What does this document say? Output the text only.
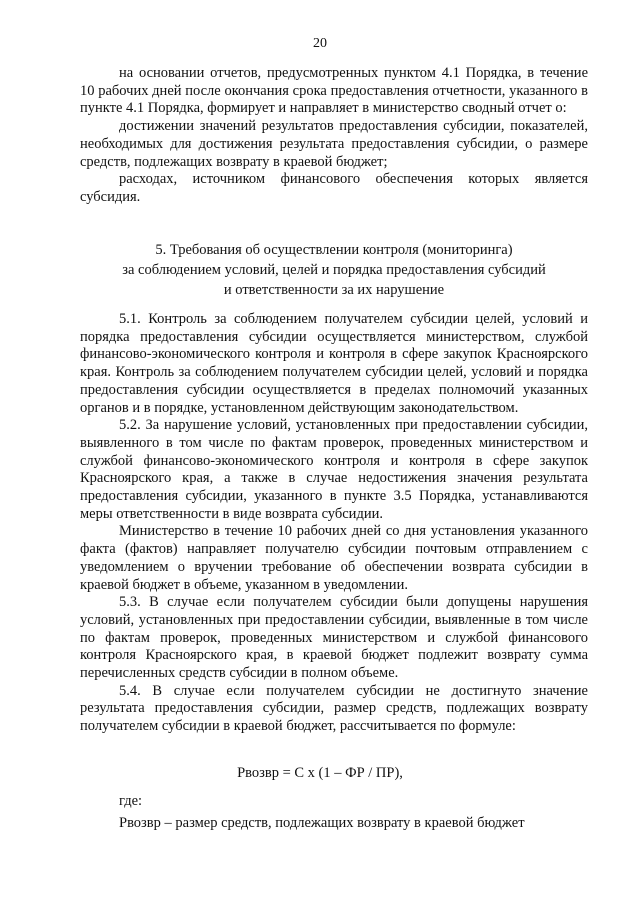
20

на основании отчетов, предусмотренных пунктом 4.1 Порядка, в течение 10 рабочих дней после окончания срока предоставления отчетности, указанного в пункте 4.1 Порядка, формирует и направляет в министерство сводный отчет о:

достижении значений результатов предоставления субсидии, показателей, необходимых для достижения результата предоставления субсидии, о размере средств, подлежащих возврату в краевой бюджет;

расходах, источником финансового обеспечения которых является субсидия.

5. Требования об осуществлении контроля (мониторинга)
за соблюдением условий, целей и порядка предоставления субсидий
и ответственности за их нарушение

5.1. Контроль за соблюдением получателем субсидии целей, условий и порядка предоставления субсидии осуществляется министерством, службой финансово-экономического контроля и контроля в сфере закупок Красноярского края. Контроль за соблюдением получателем субсидии целей, условий и порядка предоставления субсидии осуществляется в пределах полномочий указанных органов и в порядке, установленном действующим законодательством.

5.2. За нарушение условий, установленных при предоставлении субсидии, выявленного в том числе по фактам проверок, проведенных министерством и службой финансово-экономического контроля и контроля в сфере закупок Красноярского края, а также в случае недостижения значения результата предоставления субсидии, указанного в пункте 3.5 Порядка, устанавливаются меры ответственности в виде возврата субсидии.

Министерство в течение 10 рабочих дней со дня установления указанного факта (фактов) направляет получателю субсидии почтовым отправлением с уведомлением о вручении требование об обеспечении возврата субсидии в краевой бюджет в объеме, указанном в уведомлении.

5.3. В случае если получателем субсидии были допущены нарушения условий, установленных при предоставлении субсидии, выявленные в том числе по фактам проверок, проведенных министерством и службой финансового контроля Красноярского края, в краевой бюджет подлежит возврату сумма перечисленных средств субсидии в полном объеме.

5.4. В случае если получателем субсидии не достигнуто значение результата предоставления субсидии, размер средств, подлежащих возврату получателем субсидии в краевой бюджет, рассчитывается по формуле:

Рвозвр = С х (1 – ФР / ПР),

где:

Рвозвр – размер средств, подлежащих возврату в краевой бюджет
